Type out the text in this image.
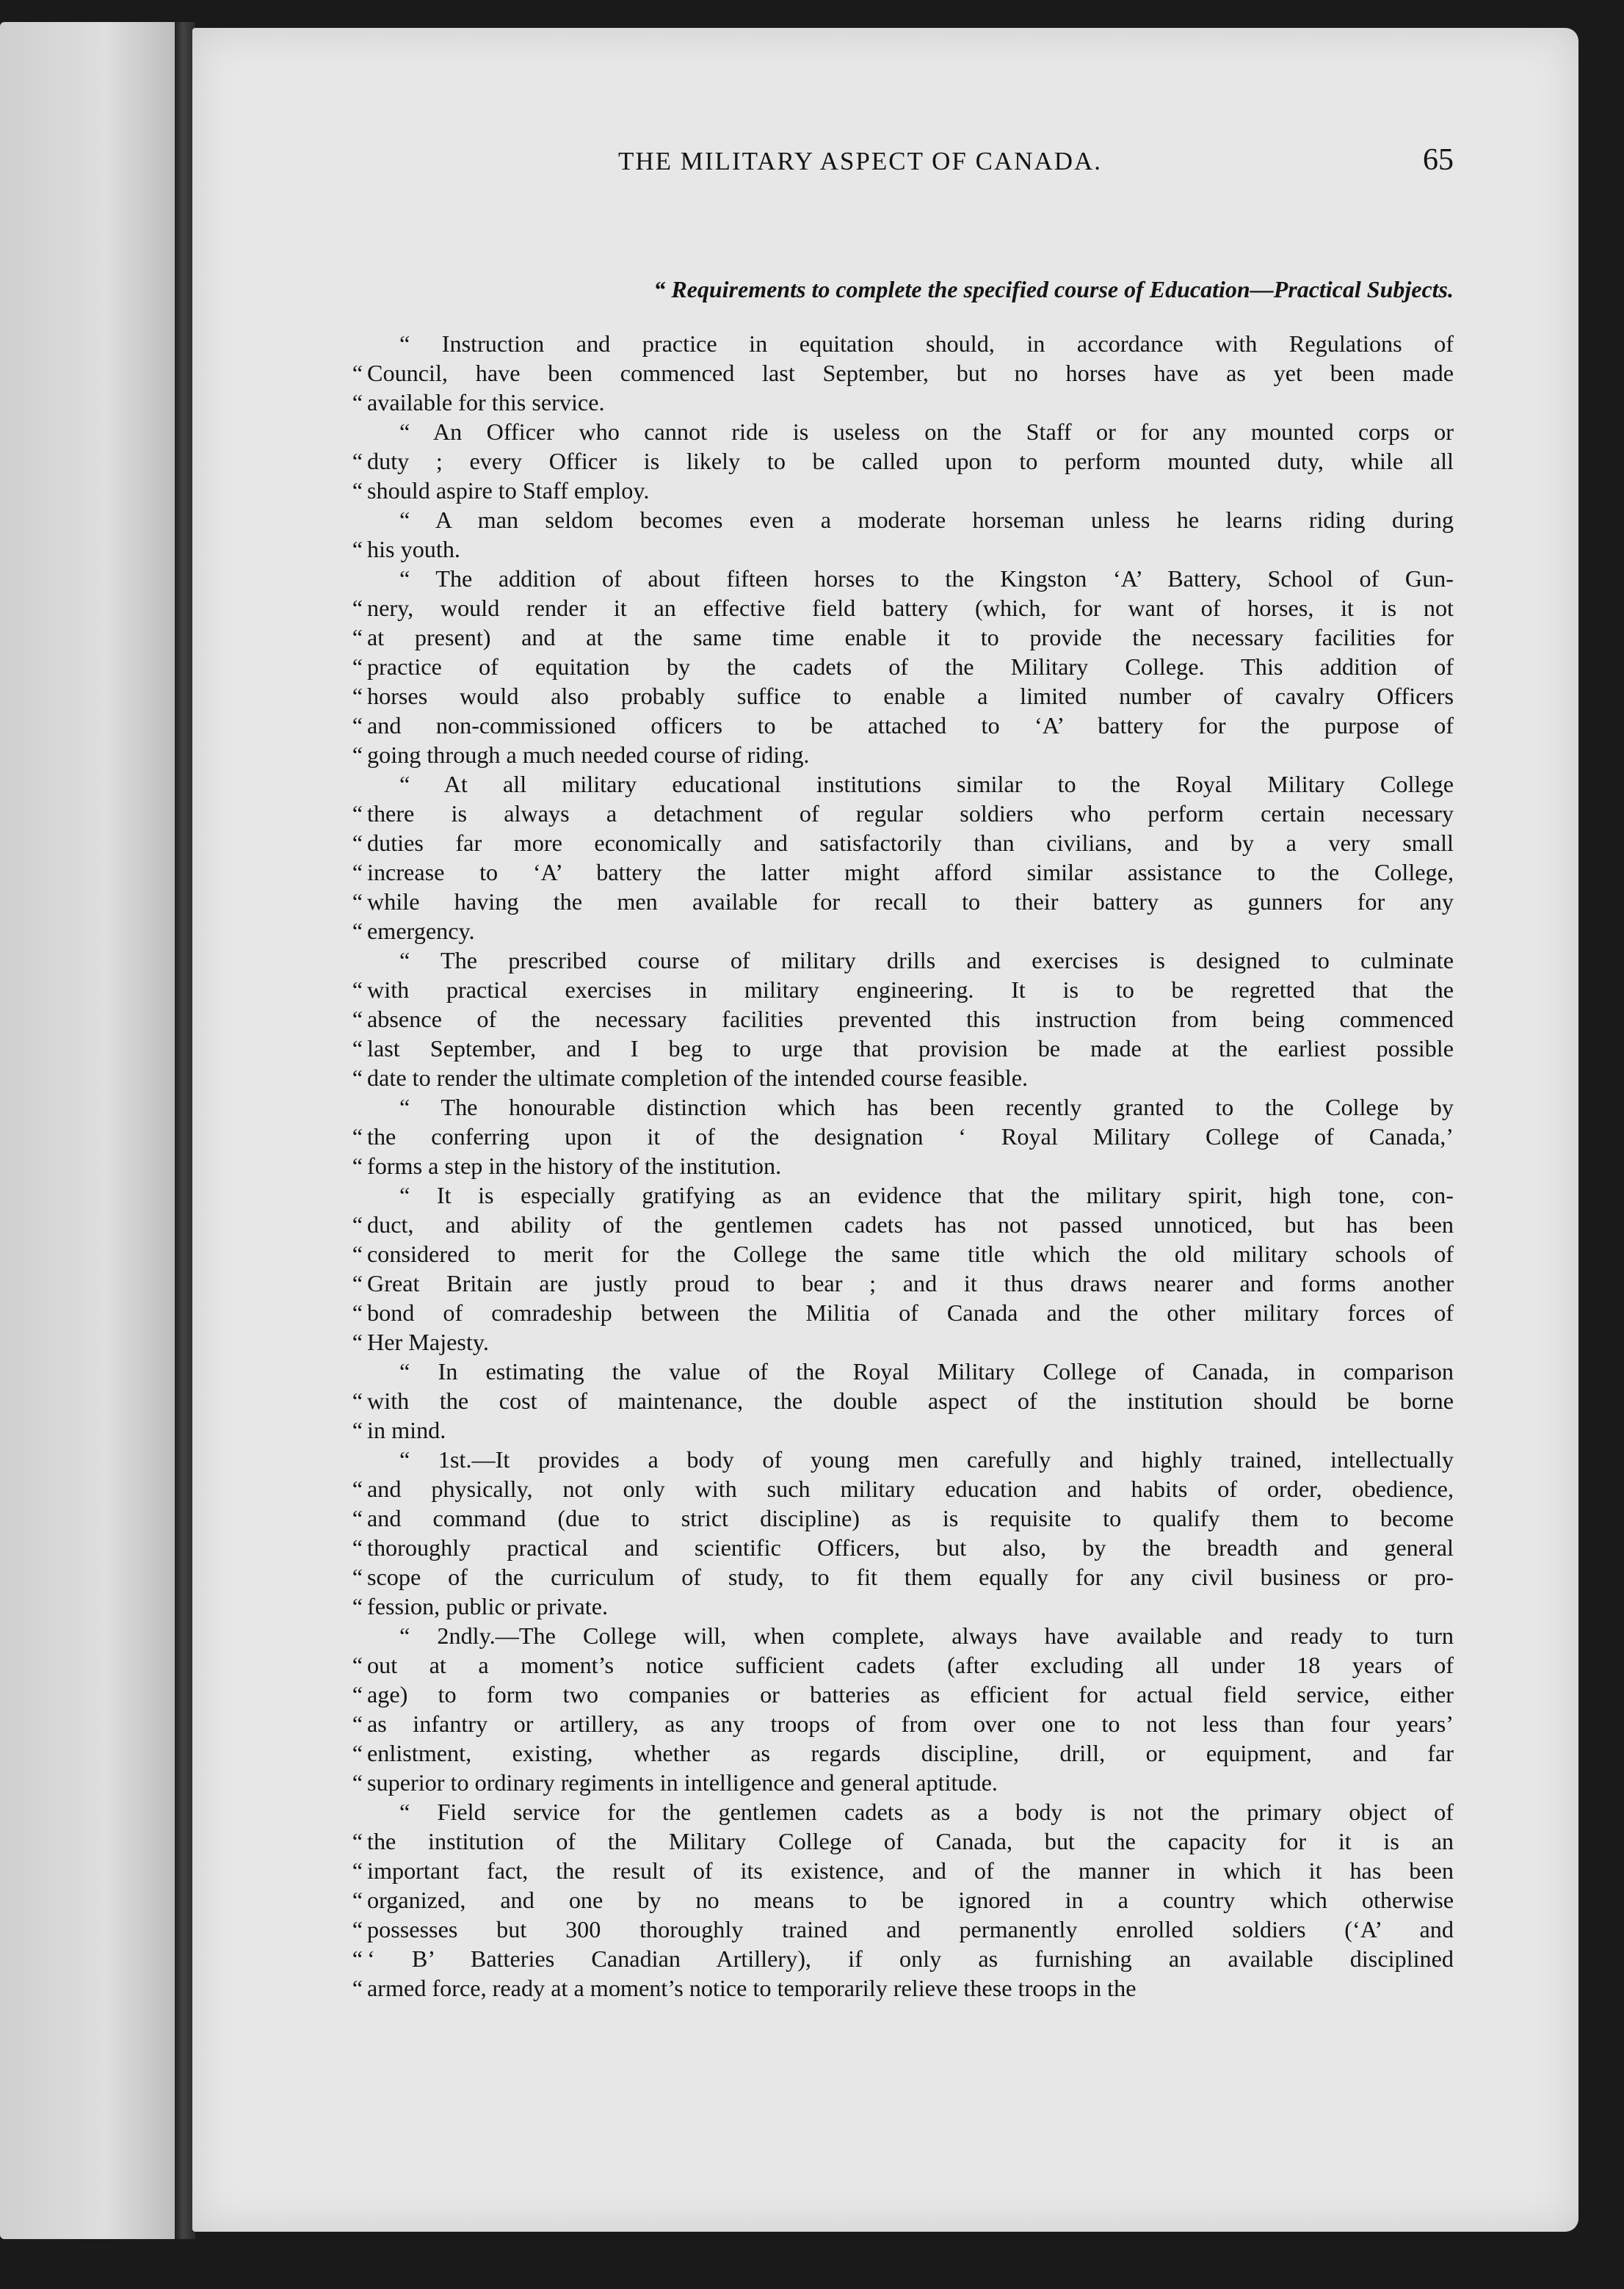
THE MILITARY ASPECT OF CANADA.	65
“ Requirements to complete the specified course of Education—Practical Subjects.
“ Instruction and practice in equitation should, in accordance with Regulations of
“ Council, have been commenced last September, but no horses have as yet been made
“ available for this service.
“ An Officer who cannot ride is useless on the Staff or for any mounted corps or
“ duty ; every Officer is likely to be called upon to perform mounted duty, while all
“ should aspire to Staff employ.
“ A man seldom becomes even a moderate horseman unless he learns riding during
“ his youth.
“ The addition of about fifteen horses to the Kingston ‘A’ Battery, School of Gun-
“ nery, would render it an effective field battery (which, for want of horses, it is not
“ at present) and at the same time enable it to provide the necessary facilities for
“ practice of equitation by the cadets of the Military College. This addition of
“ horses would also probably suffice to enable a limited number of cavalry Officers
“ and non-commissioned officers to be attached to ‘A’ battery for the purpose of
“ going through a much needed course of riding.
“ At all military educational institutions similar to the Royal Military College
“ there is always a detachment of regular soldiers who perform certain necessary
“ duties far more economically and satisfactorily than civilians, and by a very small
“ increase to ‘A’ battery the latter might afford similar assistance to the College,
“ while having the men available for recall to their battery as gunners for any
“ emergency.
“ The prescribed course of military drills and exercises is designed to culminate
“ with practical exercises in military engineering. It is to be regretted that the
“ absence of the necessary facilities prevented this instruction from being commenced
“ last September, and I beg to urge that provision be made at the earliest possible
“ date to render the ultimate completion of the intended course feasible.
“ The honourable distinction which has been recently granted to the College by
“ the conferring upon it of the designation ‘ Royal Military College of Canada,’
“ forms a step in the history of the institution.
“ It is especially gratifying as an evidence that the military spirit, high tone, con-
“ duct, and ability of the gentlemen cadets has not passed unnoticed, but has been
“ considered to merit for the College the same title which the old military schools of
“ Great Britain are justly proud to bear ; and it thus draws nearer and forms another
“ bond of comradeship between the Militia of Canada and the other military forces of
“ Her Majesty.
“ In estimating the value of the Royal Military College of Canada, in comparison
“ with the cost of maintenance, the double aspect of the institution should be borne
“ in mind.
“ 1st.—It provides a body of young men carefully and highly trained, intellectually
“ and physically, not only with such military education and habits of order, obedience,
“ and command (due to strict discipline) as is requisite to qualify them to become
“ thoroughly practical and scientific Officers, but also, by the breadth and general
“ scope of the curriculum of study, to fit them equally for any civil business or pro-
“ fession, public or private.
“ 2ndly.—The College will, when complete, always have available and ready to turn
“ out at a moment’s notice sufficient cadets (after excluding all under 18 years of
“ age) to form two companies or batteries as efficient for actual field service, either
“ as infantry or artillery, as any troops of from over one to not less than four years’
“ enlistment, existing, whether as regards discipline, drill, or equipment, and far
“ superior to ordinary regiments in intelligence and general aptitude.
“ Field service for the gentlemen cadets as a body is not the primary object of
“ the institution of the Military College of Canada, but the capacity for it is an
“ important fact, the result of its existence, and of the manner in which it has been
“ organized, and one by no means to be ignored in a country which otherwise
“ possesses but 300 thoroughly trained and permanently enrolled soldiers (‘A’ and
“ ‘ B’ Batteries Canadian Artillery), if only as furnishing an available disciplined
“ armed force, ready at a moment’s notice to temporarily relieve these troops in the
